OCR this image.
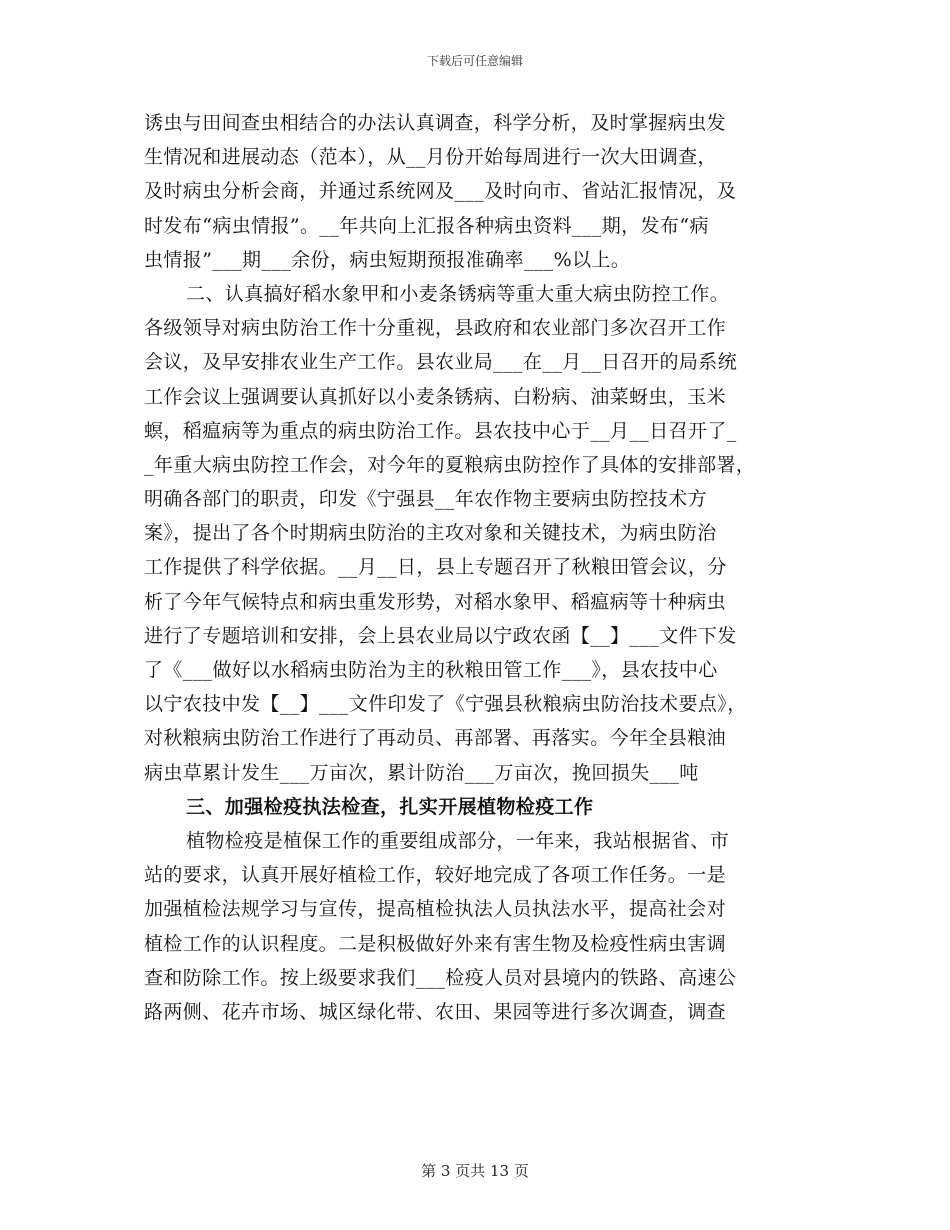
下载后可任意编辑
诱虫与田间查虫相结合的办法认真调查，科学分析，及时掌握病虫发
生情况和进展动态（范本），从__月份开始每周进行一次大田调查，
及时病虫分析会商，并通过系统网及___及时向市、省站汇报情况，及
时发布“病虫情报”。__年共向上汇报各种病虫资料___期，发布“病
虫情报”___期___余份，病虫短期预报准确率___%以上。
二、认真搞好稻水象甲和小麦条锈病等重大重大病虫防控工作。
各级领导对病虫防治工作十分重视，县政府和农业部门多次召开工作
会议，及早安排农业生产工作。县农业局___在__月__日召开的局系统
工作会议上强调要认真抓好以小麦条锈病、白粉病、油菜蚜虫，玉米
螟，稻瘟病等为重点的病虫防治工作。县农技中心于__月__日召开了_
_年重大病虫防控工作会，对今年的夏粮病虫防控作了具体的安排部署，
明确各部门的职责，印发《宁强县__年农作物主要病虫防控技术方
案》，提出了各个时期病虫防治的主攻对象和关键技术，为病虫防治
工作提供了科学依据。__月__日，县上专题召开了秋粮田管会议，分
析了今年气候特点和病虫重发形势，对稻水象甲、稻瘟病等十种病虫
进行了专题培训和安排，会上县农业局以宁政农函【__】___文件下发
了《___做好以水稻病虫防治为主的秋粮田管工作___》，县农技中心
以宁农技中发【__】___文件印发了《宁强县秋粮病虫防治技术要点》，
对秋粮病虫防治工作进行了再动员、再部署、再落实。今年全县粮油
病虫草累计发生___万亩次，累计防治___万亩次，挽回损失___吨
三、加强检疫执法检查，扎实开展植物检疫工作
植物检疫是植保工作的重要组成部分，一年来，我站根据省、市
站的要求，认真开展好植检工作，较好地完成了各项工作任务。一是
加强植检法规学习与宣传，提高植检执法人员执法水平，提高社会对
植检工作的认识程度。二是积极做好外来有害生物及检疫性病虫害调
查和防除工作。按上级要求我们___检疫人员对县境内的铁路、高速公
路两侧、花卉市场、城区绿化带、农田、果园等进行多次调查，调查
第 3 页共 13 页
